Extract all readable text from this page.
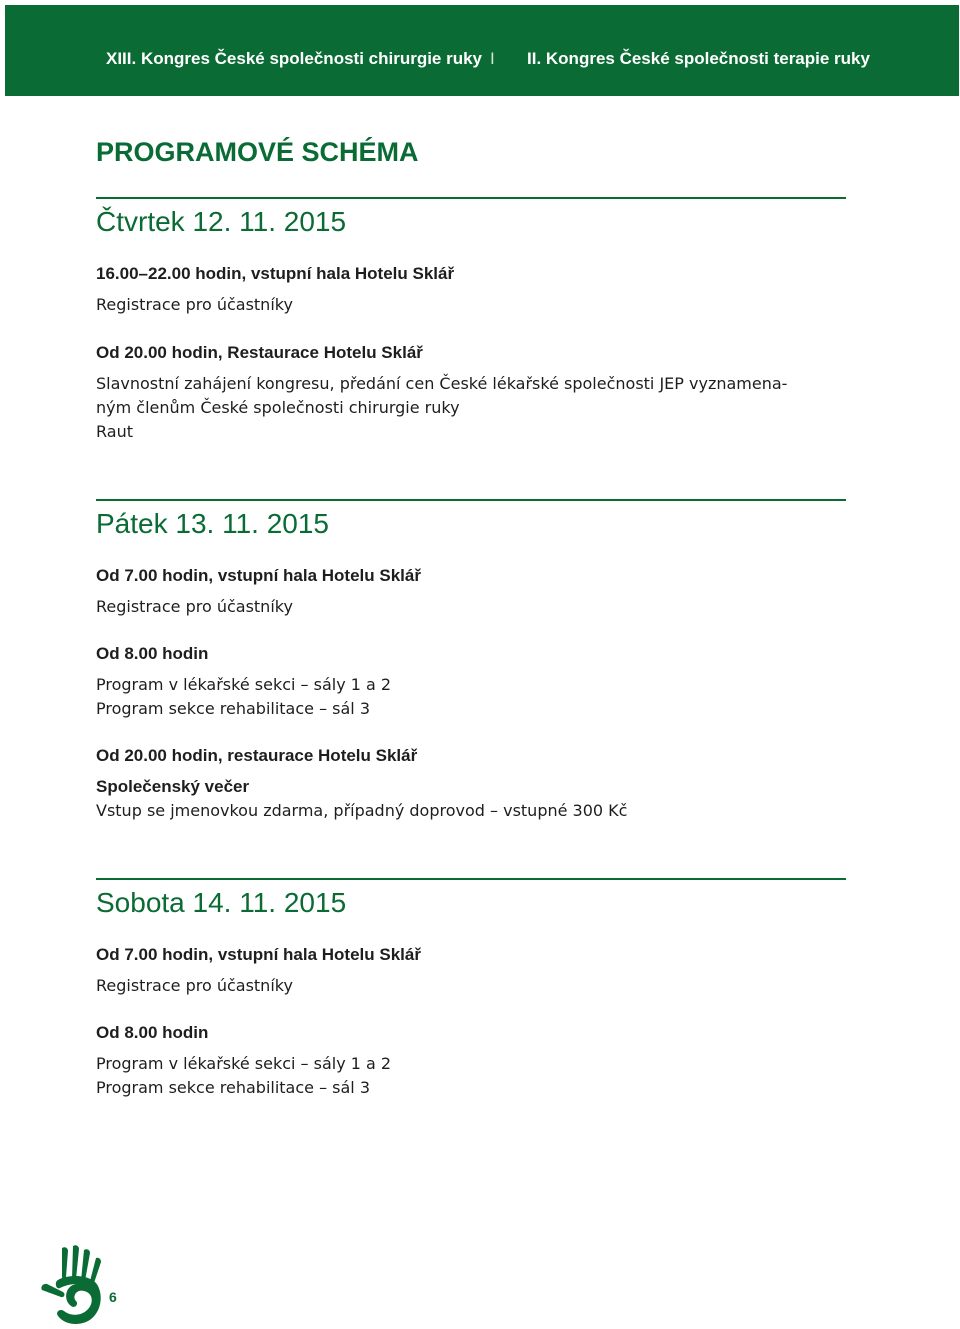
XIII. Kongres České společnosti chirurgie ruky I II. Kongres České společnosti terapie ruky
PROGRAMOVÉ SCHÉMA
Čtvrtek 12. 11. 2015
16.00–22.00 hodin, vstupní hala Hotelu Sklář
Registrace pro účastníky
Od 20.00 hodin, Restaurace Hotelu Sklář
Slavnostní zahájení kongresu, předání cen České lékařské společnosti JEP vyznamena-
ným členům České společnosti chirurgie ruky
Raut
Pátek 13. 11. 2015
Od 7.00 hodin, vstupní hala Hotelu Sklář
Registrace pro účastníky
Od 8.00 hodin
Program v lékařské sekci – sály 1 a 2
Program sekce rehabilitace – sál 3
Od 20.00 hodin, restaurace Hotelu Sklář
Společenský večer
Vstup se jmenovkou zdarma, případný doprovod – vstupné 300 Kč
Sobota 14. 11. 2015
Od 7.00 hodin, vstupní hala Hotelu Sklář
Registrace pro účastníky
Od 8.00 hodin
Program v lékařské sekci – sály 1 a 2
Program sekce rehabilitace – sál 3
6
